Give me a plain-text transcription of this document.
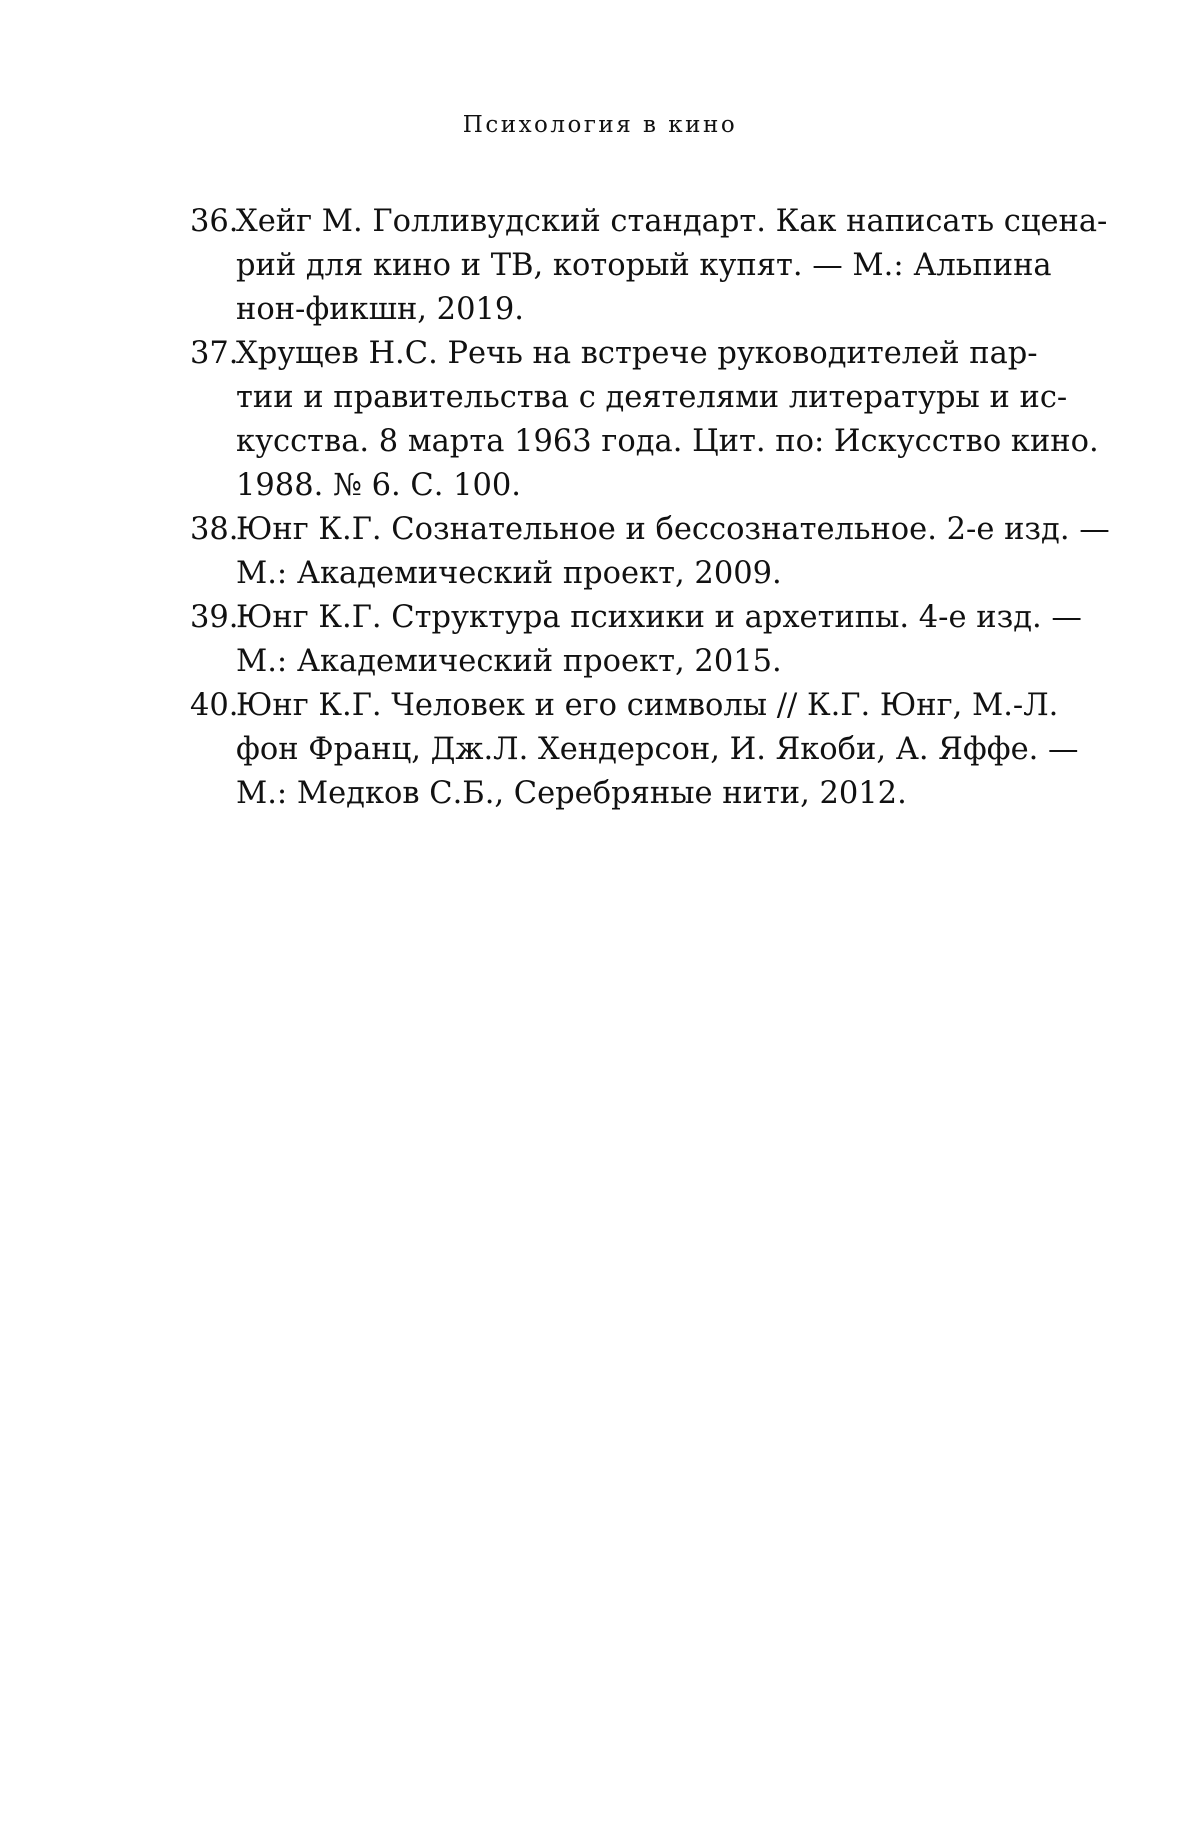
Психология в кино
36.
Хейг М. Голливудский стандарт. Как написать сцена-
рий для кино и ТВ, который купят. — М.: Альпина
нон-фикшн, 2019.
37.
Хрущев Н.С. Речь на встрече руководителей пар-
тии и правительства с деятелями литературы и ис-
кусства. 8 марта 1963 года. Цит. по: Искусство кино.
1988. № 6. С. 100.
38.
Юнг К.Г. Сознательное и бессознательное. 2-е изд. —
М.: Академический проект, 2009.
39.
Юнг К.Г. Структура психики и архетипы. 4-е изд. —
М.: Академический проект, 2015.
40.
Юнг К.Г. Человек и его символы // К.Г. Юнг, М.-Л.
фон Франц, Дж.Л. Хендерсон, И. Якоби, А. Яффе. —
М.: Медков С.Б., Серебряные нити, 2012.
